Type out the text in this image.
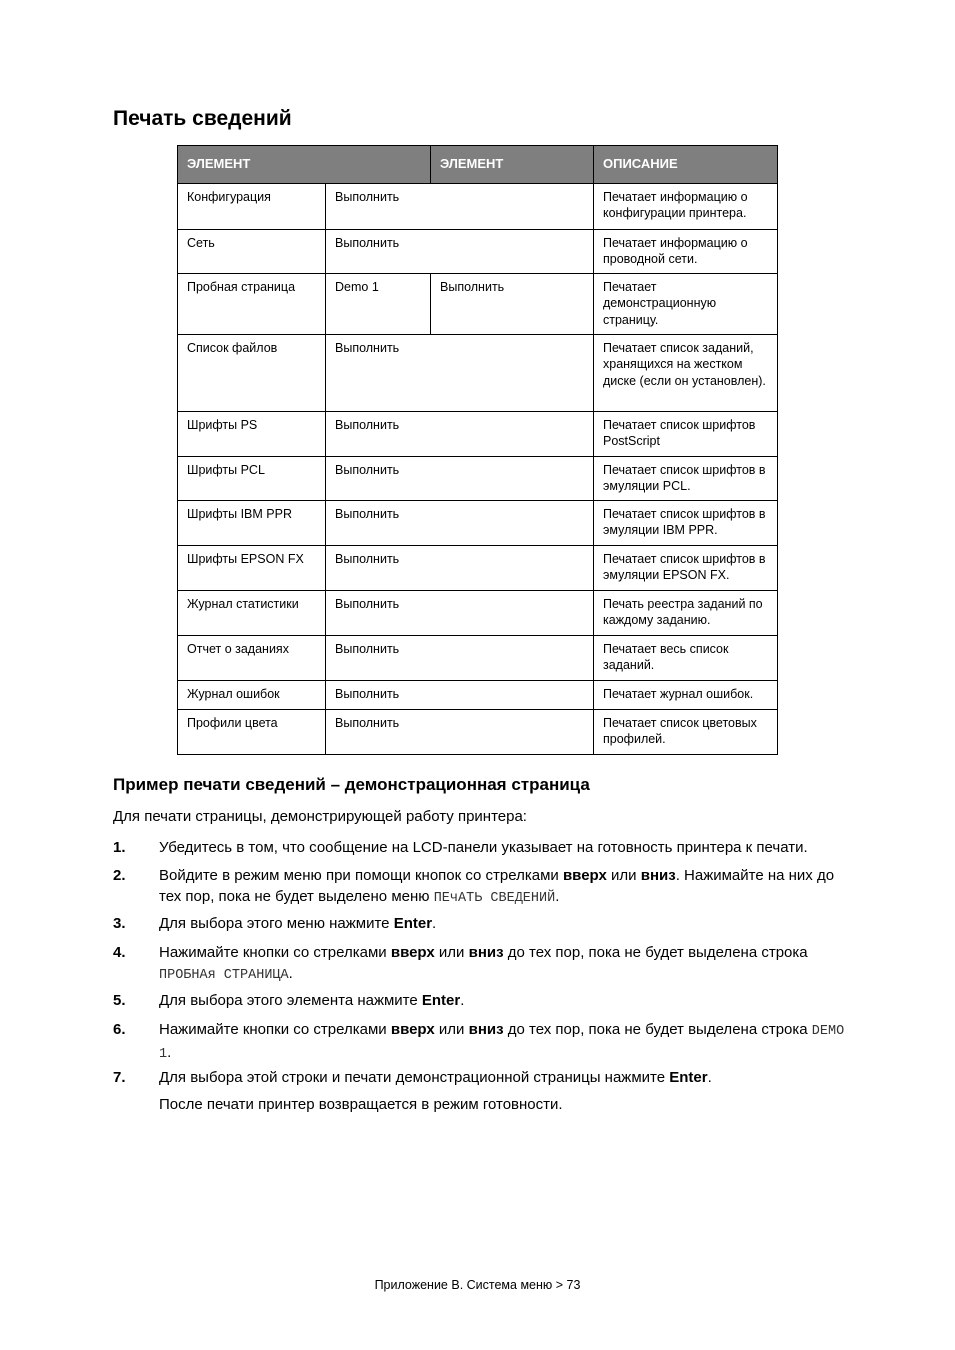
Печать сведений
ЭЛЕМЕНТ		ЭЛЕМЕНТ	ОПИСАНИЕ
Конфигурация	Выполнить		Печатает информацию о конфигурации принтера.
Сеть	Выполнить		Печатает информацию о проводной сети.
Пробная страница	Demo 1	Выполнить	Печатает демонстрационную страницу.
Список файлов	Выполнить		Печатает список заданий, хранящихся на жестком диске (если он установлен).
Шрифты PS	Выполнить		Печатает список шрифтов PostScript
Шрифты PCL	Выполнить		Печатает список шрифтов в эмуляции PCL.
Шрифты IBM PPR	Выполнить		Печатает список шрифтов в эмуляции IBM PPR.
Шрифты EPSON FX	Выполнить		Печатает список шрифтов в эмуляции EPSON FX.
Журнал статистики	Выполнить		Печать реестра заданий по каждому заданию.
Отчет о заданиях	Выполнить		Печатает весь список заданий.
Журнал ошибок	Выполнить		Печатает журнал ошибок.
Профили цвета	Выполнить		Печатает список цветовых профилей.
Пример печати сведений – демонстрационная страница

Для печати страницы, демонстрирующей работу принтера:

1. Убедитесь в том, что сообщение на LCD-панели указывает на готовность принтера к печати.
2. Войдите в режим меню при помощи кнопок со стрелками вверх или вниз. Нажимайте на них до тех пор, пока не будет выделено меню ПЕчАТЬ СВЕДЕНИЙ.
3. Для выбора этого меню нажмите Enter.
4. Нажимайте кнопки со стрелками вверх или вниз до тех пор, пока не будет выделена строка ПРОБНАя СТРАНИЦА.
5. Для выбора этого элемента нажмите Enter.
6. Нажимайте кнопки со стрелками вверх или вниз до тех пор, пока не будет выделена строка DEMO 1.
7. Для выбора этой строки и печати демонстрационной страницы нажмите Enter.

После печати принтер возвращается в режим готовности.

Приложение В. Система меню > 73
